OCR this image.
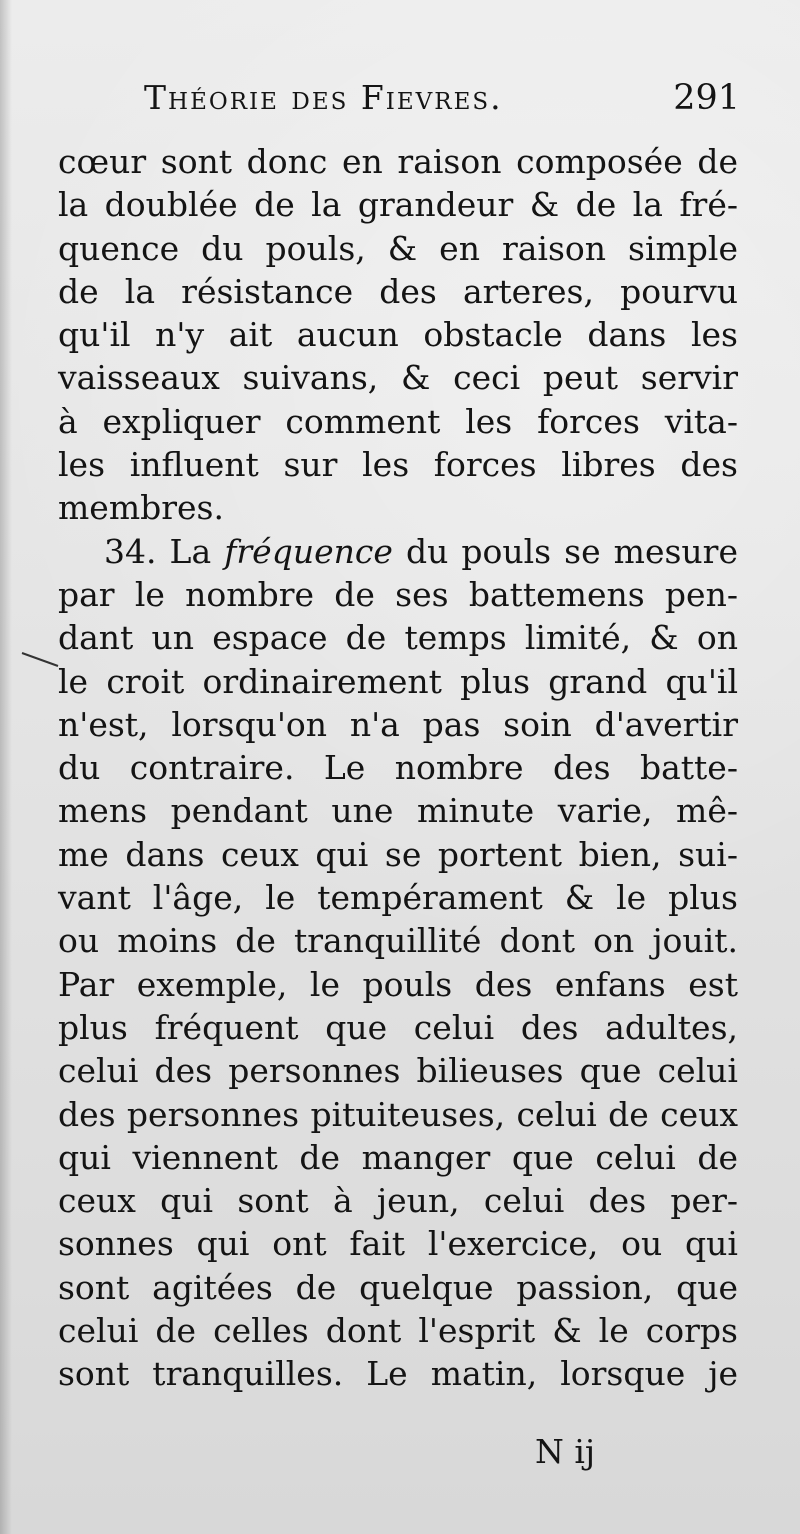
Théorie des Fievres.	291
cœur sont donc en raison composée de
la doublée de la grandeur & de la fré-
quence du pouls, & en raison simple
de la résistance des arteres, pourvu
qu'il n'y ait aucun obstacle dans les
vaisseaux suivans, & ceci peut servir
à expliquer comment les forces vita-
les influent sur les forces libres des
membres.
34. La fréquence du pouls se mesure
par le nombre de ses battemens pen-
dant un espace de temps limité, & on
le croit ordinairement plus grand qu'il
n'est, lorsqu'on n'a pas soin d'avertir
du contraire. Le nombre des batte-
mens pendant une minute varie, mê-
me dans ceux qui se portent bien, sui-
vant l'âge, le tempérament & le plus
ou moins de tranquillité dont on jouit.
Par exemple, le pouls des enfans est
plus fréquent que celui des adultes,
celui des personnes bilieuses que celui
des personnes pituiteuses, celui de ceux
qui viennent de manger que celui de
ceux qui sont à jeun, celui des per-
sonnes qui ont fait l'exercice, ou qui
sont agitées de quelque passion, que
celui de celles dont l'esprit & le corps
sont tranquilles. Le matin, lorsque je
N ij
